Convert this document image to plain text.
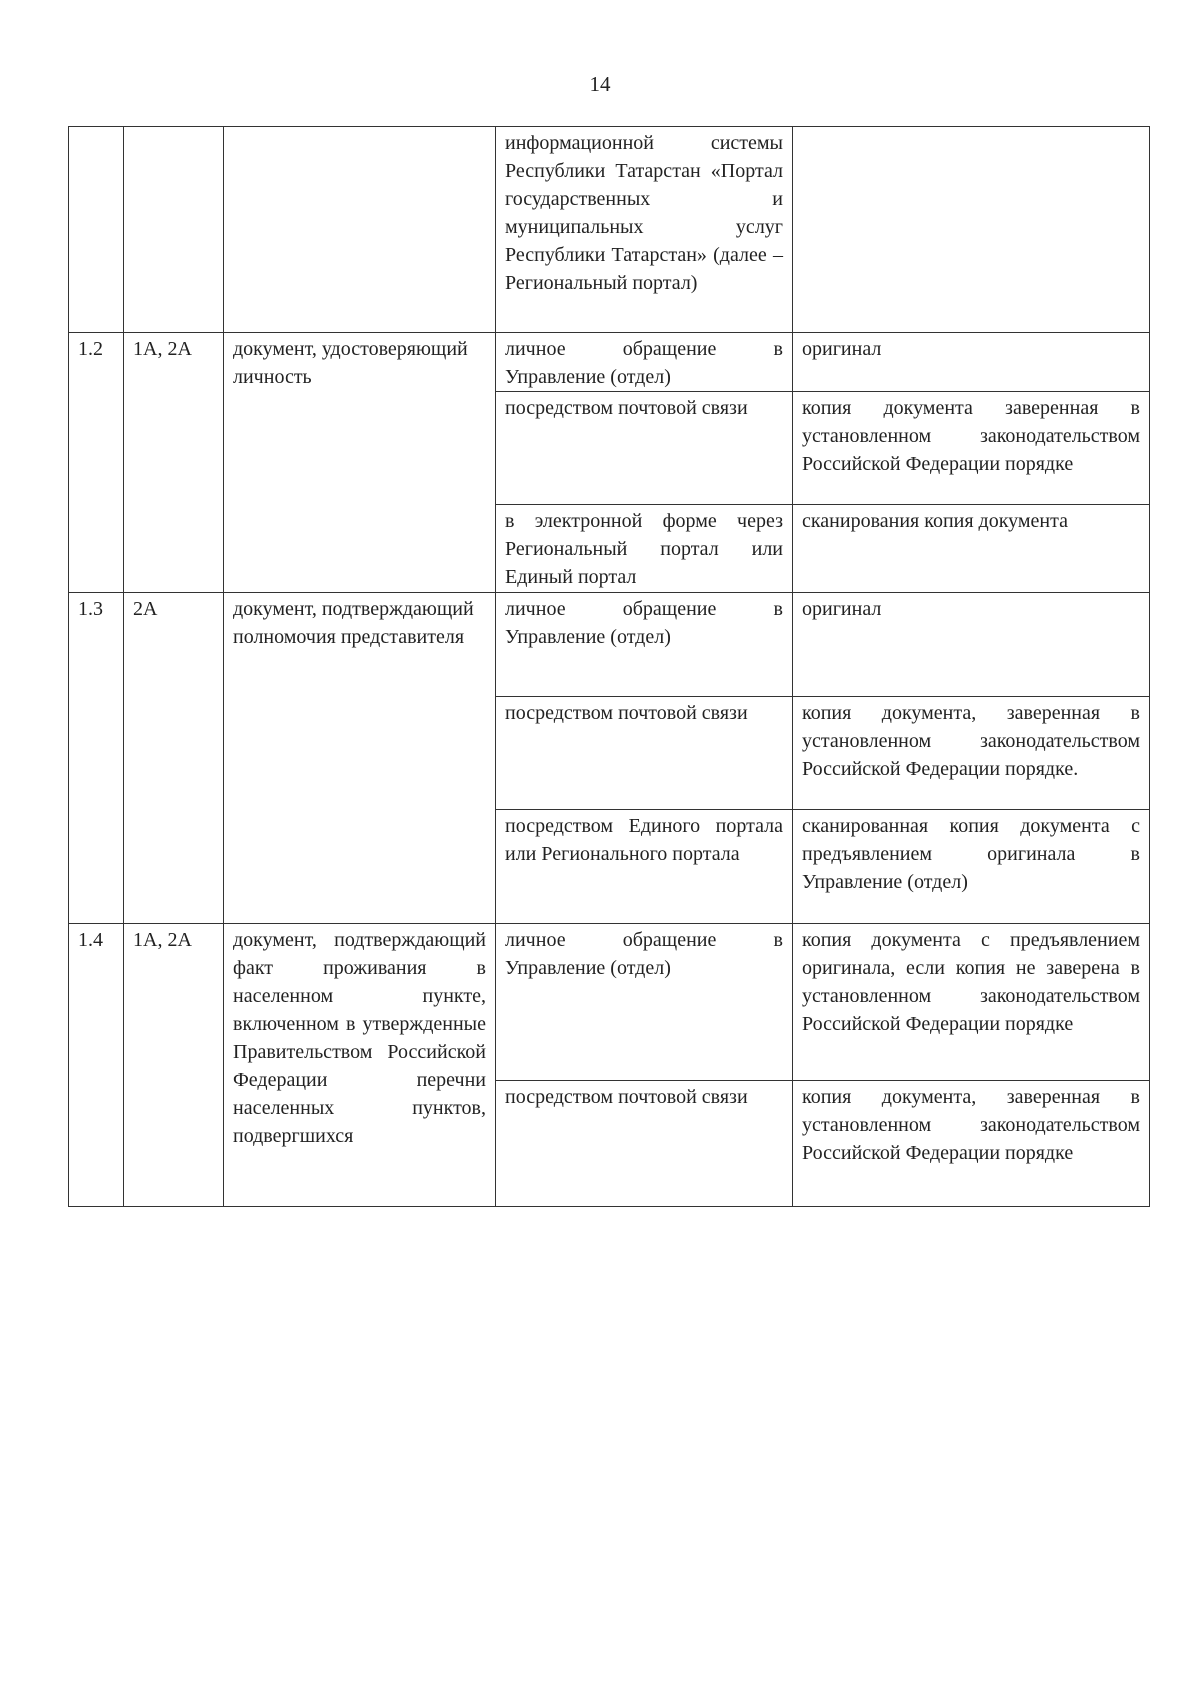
14
			информационной системы Республики Татарстан «Портал государственных и муниципальных услуг Республики Татарстан» (далее – Региональный портал)	
1.2	1А, 2А	документ, удостоверяющий личность	личное обращение в Управление (отдел)	оригинал
			посредством почтовой связи	копия документа заверенная в установленном законодательством Российской Федерации порядке
			в электронной форме через Региональный портал или Единый портал	сканирования копия документа
1.3	2А	документ, подтверждающий полномочия представителя	личное обращение в Управление (отдел)	оригинал
			посредством почтовой связи	копия документа, заверенная в установленном законодательством Российской Федерации порядке.
			посредством Единого портала или Регионального портала	сканированная копия документа с предъявлением оригинала в Управление (отдел)
1.4	1А, 2А	документ, подтверждающий факт проживания в населенном пункте, включенном в утвержденные Правительством Российской Федерации перечни населенных пунктов, подвергшихся	личное обращение в Управление (отдел)	копия документа с предъявлением оригинала, если копия не заверена в установленном законодательством Российской Федерации порядке
			посредством почтовой связи	копия документа, заверенная в установленном законодательством Российской Федерации порядке
